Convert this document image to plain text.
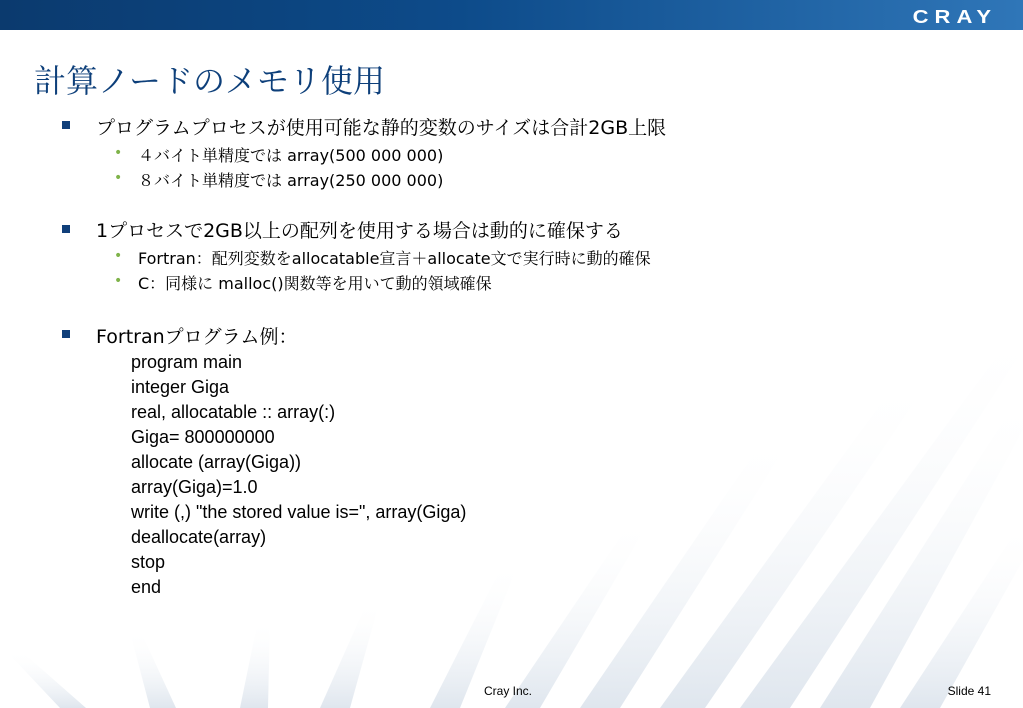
CRAY
計算ノードのメモリ使用
プログラムプロセスが使用可能な静的変数のサイズは合計2GB上限
• ４バイト単精度では array(500 000 000)
• ８バイト単精度では array(250 000 000)
1プロセスで2GB以上の配列を使用する場合は動的に確保する
• Fortran：配列変数をallocatable宣言＋allocate文で実行時に動的確保
• C：同様に malloc()関数等を用いて動的領域確保
Fortranプログラム例：
program main
integer Giga
real, allocatable :: array(:)
Giga= 800000000
allocate (array(Giga))
array(Giga)=1.0
write (,) "the stored value is=", array(Giga)
deallocate(array)
stop
end
Cray Inc.	Slide 41
